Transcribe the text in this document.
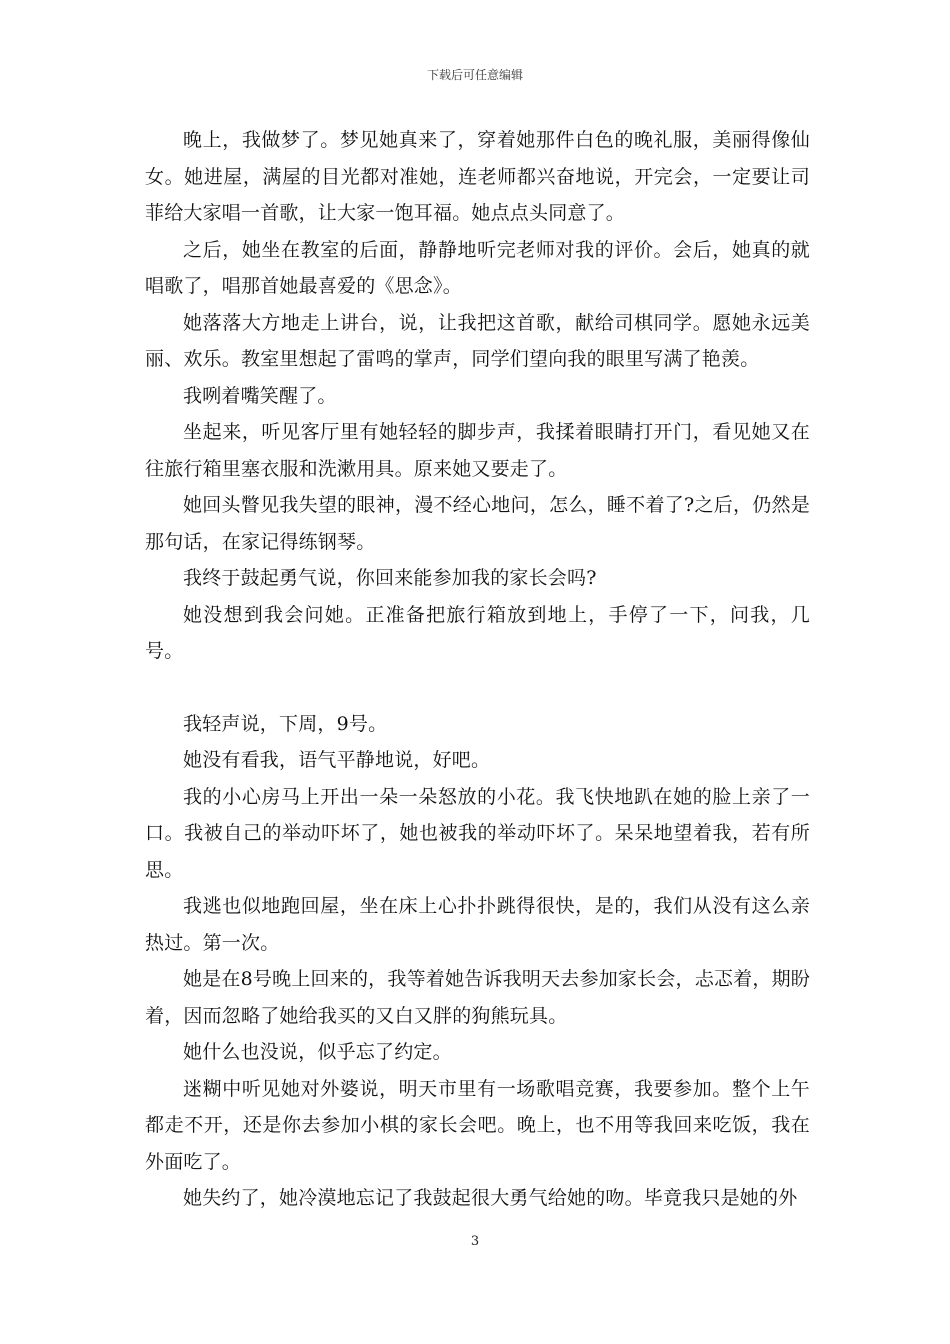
下载后可任意编辑

晚上，我做梦了。梦见她真来了，穿着她那件白色的晚礼服，美丽得像仙女。她进屋，满屋的目光都对准她，连老师都兴奋地说，开完会，一定要让司菲给大家唱一首歌，让大家一饱耳福。她点点头同意了。

之后，她坐在教室的后面，静静地听完老师对我的评价。会后，她真的就唱歌了，唱那首她最喜爱的《思念》。

她落落大方地走上讲台，说，让我把这首歌，献给司棋同学。愿她永远美丽、欢乐。教室里想起了雷鸣的掌声，同学们望向我的眼里写满了艳羡。

我咧着嘴笑醒了。

坐起来，听见客厅里有她轻轻的脚步声，我揉着眼睛打开门，看见她又在往旅行箱里塞衣服和洗漱用具。原来她又要走了。

她回头瞥见我失望的眼神，漫不经心地问，怎么，睡不着了?之后，仍然是那句话，在家记得练钢琴。

我终于鼓起勇气说，你回来能参加我的家长会吗?

她没想到我会问她。正准备把旅行箱放到地上，手停了一下，问我，几号。

我轻声说，下周，9号。

她没有看我，语气平静地说，好吧。

我的小心房马上开出一朵一朵怒放的小花。我飞快地趴在她的脸上亲了一口。我被自己的举动吓坏了，她也被我的举动吓坏了。呆呆地望着我，若有所思。

我逃也似地跑回屋，坐在床上心扑扑跳得很快，是的，我们从没有这么亲热过。第一次。

她是在8号晚上回来的，我等着她告诉我明天去参加家长会，忐忑着，期盼着，因而忽略了她给我买的又白又胖的狗熊玩具。

她什么也没说，似乎忘了约定。

迷糊中听见她对外婆说，明天市里有一场歌唱竞赛，我要参加。整个上午都走不开，还是你去参加小棋的家长会吧。晚上，也不用等我回来吃饭，我在外面吃了。

她失约了，她冷漠地忘记了我鼓起很大勇气给她的吻。毕竟我只是她的外

3
